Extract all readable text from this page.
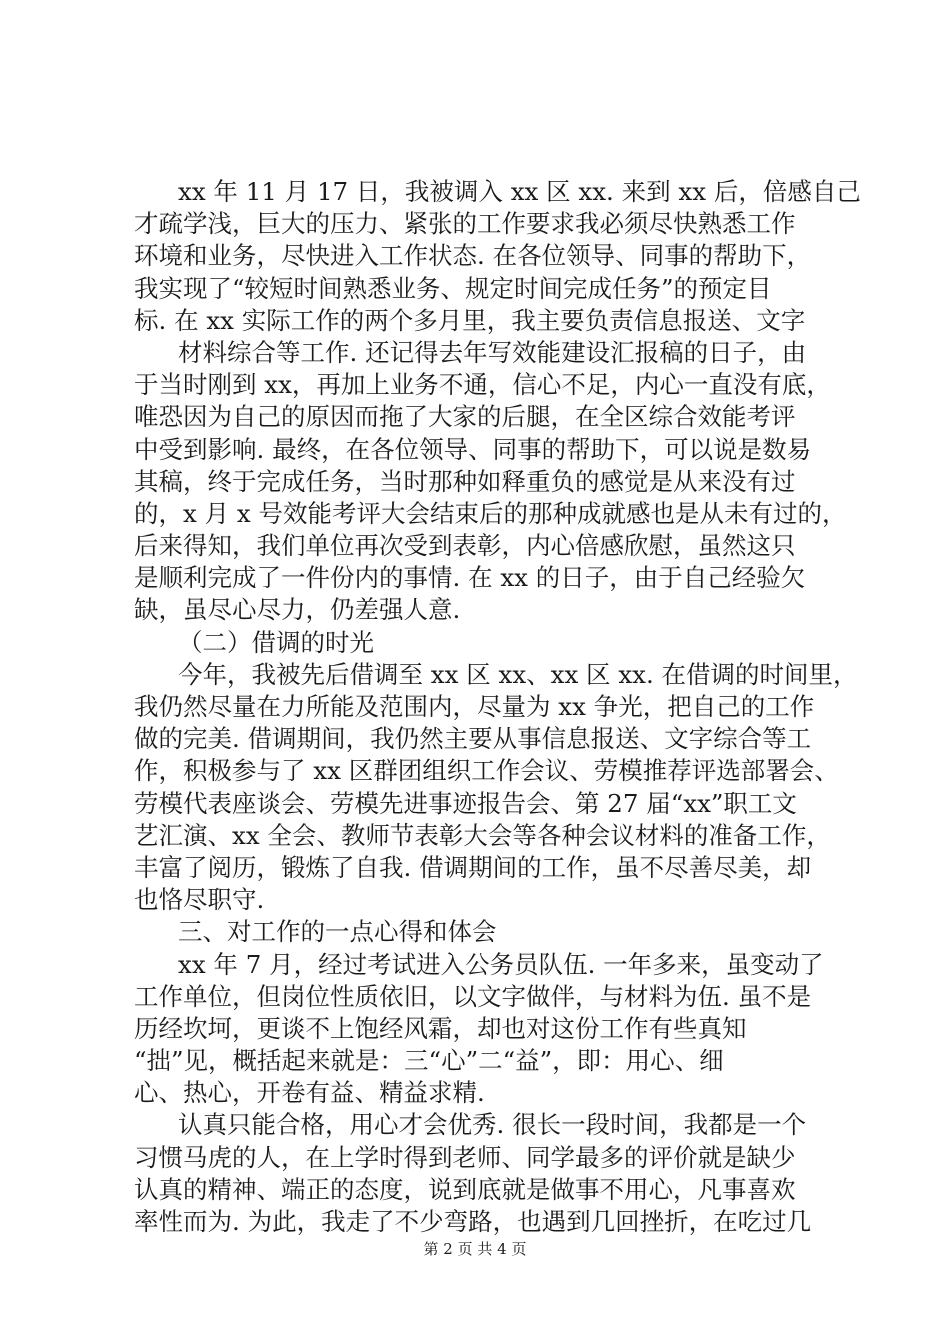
xx 年 11 月 17 日，我被调入 xx 区 xx. 来到 xx 后，倍感自己
才疏学浅，巨大的压力、紧张的工作要求我必须尽快熟悉工作
环境和业务，尽快进入工作状态. 在各位领导、同事的帮助下，
我实现了“较短时间熟悉业务、规定时间完成任务”的预定目
标. 在 xx 实际工作的两个多月里，我主要负责信息报送、文字
材料综合等工作. 还记得去年写效能建设汇报稿的日子，由
于当时刚到 xx，再加上业务不通，信心不足，内心一直没有底，
唯恐因为自己的原因而拖了大家的后腿，在全区综合效能考评
中受到影响. 最终，在各位领导、同事的帮助下，可以说是数易
其稿，终于完成任务，当时那种如释重负的感觉是从来没有过
的，x 月 x 号效能考评大会结束后的那种成就感也是从未有过的，
后来得知，我们单位再次受到表彰，内心倍感欣慰，虽然这只
是顺利完成了一件份内的事情. 在 xx 的日子，由于自己经验欠
缺，虽尽心尽力，仍差强人意.
（二）借调的时光
今年，我被先后借调至 xx 区 xx、xx 区 xx. 在借调的时间里，
我仍然尽量在力所能及范围内，尽量为 xx 争光，把自己的工作
做的完美. 借调期间，我仍然主要从事信息报送、文字综合等工
作，积极参与了 xx 区群团组织工作会议、劳模推荐评选部署会、
劳模代表座谈会、劳模先进事迹报告会、第 27 届“xx”职工文
艺汇演、xx 全会、教师节表彰大会等各种会议材料的准备工作，
丰富了阅历，锻炼了自我. 借调期间的工作，虽不尽善尽美，却
也恪尽职守.
三、对工作的一点心得和体会
xx 年 7 月，经过考试进入公务员队伍. 一年多来，虽变动了
工作单位，但岗位性质依旧，以文字做伴，与材料为伍. 虽不是
历经坎坷，更谈不上饱经风霜，却也对这份工作有些真知
“拙”见，概括起来就是：三“心”二“益”，即：用心、细
心、热心，开卷有益、精益求精.
认真只能合格，用心才会优秀. 很长一段时间，我都是一个
习惯马虎的人，在上学时得到老师、同学最多的评价就是缺少
认真的精神、端正的态度，说到底就是做事不用心，凡事喜欢
率性而为. 为此，我走了不少弯路，也遇到几回挫折，在吃过几
第 2 页 共 4 页
